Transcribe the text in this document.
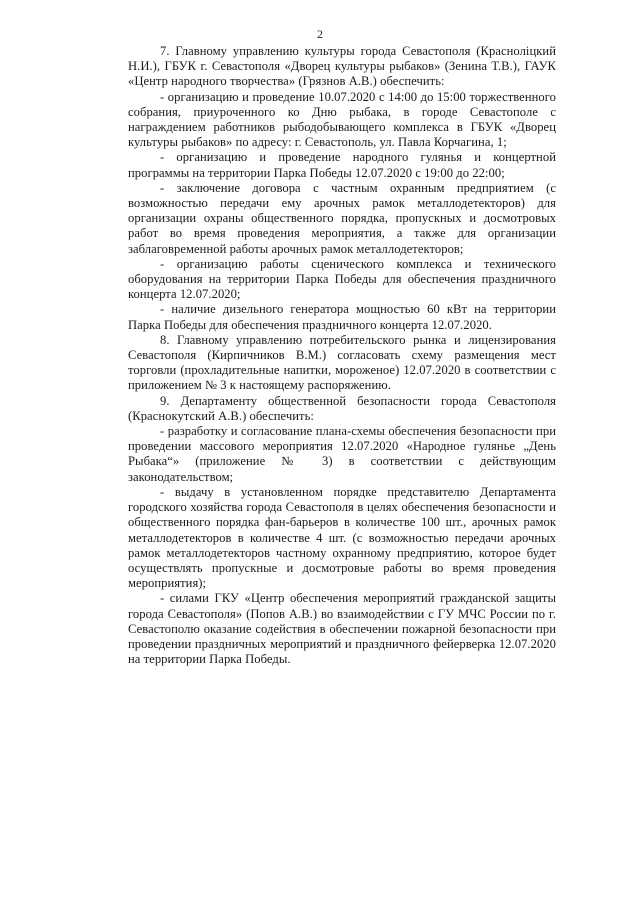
2

7. Главному управлению культуры города Севастополя (Красноліцкий Н.И.), ГБУК г. Севастополя «Дворец культуры рыбаков» (Зенина Т.В.), ГАУК «Центр народного творчества» (Грязнов А.В.) обеспечить:

- организацию и проведение 10.07.2020 с 14:00 до 15:00 торжественного собрания, приуроченного ко Дню рыбака, в городе Севастополе с награждением работников рыбодобывающего комплекса в ГБУК «Дворец культуры рыбаков» по адресу: г. Севастополь, ул. Павла Корчагина, 1;

- организацию и проведение народного гулянья и концертной программы на территории Парка Победы 12.07.2020 с 19:00 до 22:00;

- заключение договора с частным охранным предприятием (с возможностью передачи ему арочных рамок металлодетекторов) для организации охраны общественного порядка, пропускных и досмотровых работ во время проведения мероприятия, а также для организации заблаговременной работы арочных рамок металлодетекторов;

- организацию работы сценического комплекса и технического оборудования на территории Парка Победы для обеспечения праздничного концерта 12.07.2020;

- наличие дизельного генератора мощностью 60 кВт на территории Парка Победы для обеспечения праздничного концерта 12.07.2020.

8. Главному управлению потребительского рынка и лицензирования Севастополя (Кирпичников В.М.) согласовать схему размещения мест торговли (прохладительные напитки, мороженое) 12.07.2020 в соответствии с приложением № 3 к настоящему распоряжению.

9. Департаменту общественной безопасности города Севастополя (Краснокутский А.В.) обеспечить:

- разработку и согласование плана-схемы обеспечения безопасности при проведении массового мероприятия 12.07.2020 «Народное гулянье „День Рыбака“» (приложение № 3) в соответствии с действующим законодательством;

- выдачу в установленном порядке представителю Департамента городского хозяйства города Севастополя в целях обеспечения безопасности и общественного порядка фан-барьеров в количестве 100 шт., арочных рамок металлодетекторов в количестве 4 шт. (с возможностью передачи арочных рамок металлодетекторов частному охранному предприятию, которое будет осуществлять пропускные и досмотровые работы во время проведения мероприятия);

- силами ГКУ «Центр обеспечения мероприятий гражданской защиты города Севастополя» (Попов А.В.) во взаимодействии с ГУ МЧС России по г. Севастополю оказание содействия в обеспечении пожарной безопасности при проведении праздничных мероприятий и праздничного фейерверка 12.07.2020 на территории Парка Победы.
